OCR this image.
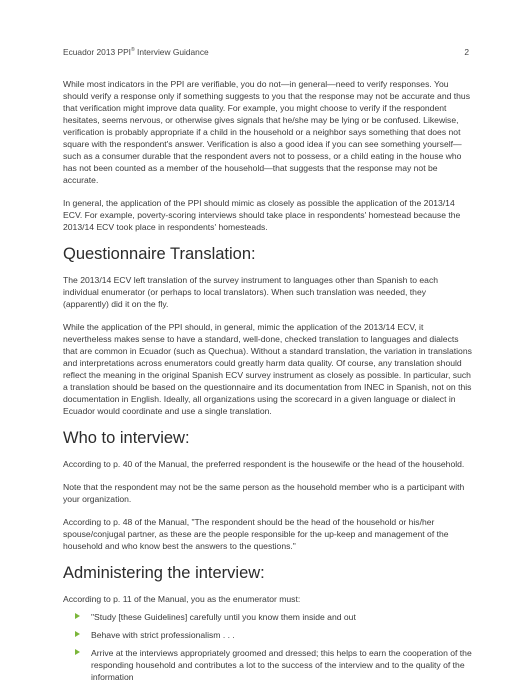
Ecuador 2013 PPI® Interview Guidance	2

While most indicators in the PPI are verifiable, you do not—in general—need to verify responses. You should verify a response only if something suggests to you that the response may not be accurate and thus that verification might improve data quality. For example, you might choose to verify if the respondent hesitates, seems nervous, or otherwise gives signals that he/she may be lying or be confused. Likewise, verification is probably appropriate if a child in the household or a neighbor says something that does not square with the respondent's answer. Verification is also a good idea if you can see something yourself—such as a consumer durable that the respondent avers not to possess, or a child eating in the house who has not been counted as a member of the household—that suggests that the response may not be accurate.

In general, the application of the PPI should mimic as closely as possible the application of the 2013/14 ECV. For example, poverty-scoring interviews should take place in respondents' homestead because the 2013/14 ECV took place in respondents' homesteads.

Questionnaire Translation:

The 2013/14 ECV left translation of the survey instrument to languages other than Spanish to each individual enumerator (or perhaps to local translators). When such translation was needed, they (apparently) did it on the fly.

While the application of the PPI should, in general, mimic the application of the 2013/14 ECV, it nevertheless makes sense to have a standard, well-done, checked translation to languages and dialects that are common in Ecuador (such as Quechua). Without a standard translation, the variation in translations and interpretations across enumerators could greatly harm data quality. Of course, any translation should reflect the meaning in the original Spanish ECV survey instrument as closely as possible. In particular, such a translation should be based on the questionnaire and its documentation from INEC in Spanish, not on this documentation in English. Ideally, all organizations using the scorecard in a given language or dialect in Ecuador would coordinate and use a single translation.

Who to interview:

According to p. 40 of the Manual, the preferred respondent is the housewife or the head of the household.

Note that the respondent may not be the same person as the household member who is a participant with your organization.

According to p. 48 of the Manual, "The respondent should be the head of the household or his/her spouse/conjugal partner, as these are the people responsible for the up-keep and management of the household and who know best the answers to the questions."

Administering the interview:

According to p. 11 of the Manual, you as the enumerator must:

"Study [these Guidelines] carefully until you know them inside and out
Behave with strict professionalism . . .
Arrive at the interviews appropriately groomed and dressed; this helps to earn the cooperation of the responding household and contributes a lot to the success of the interview and to the quality of the information
